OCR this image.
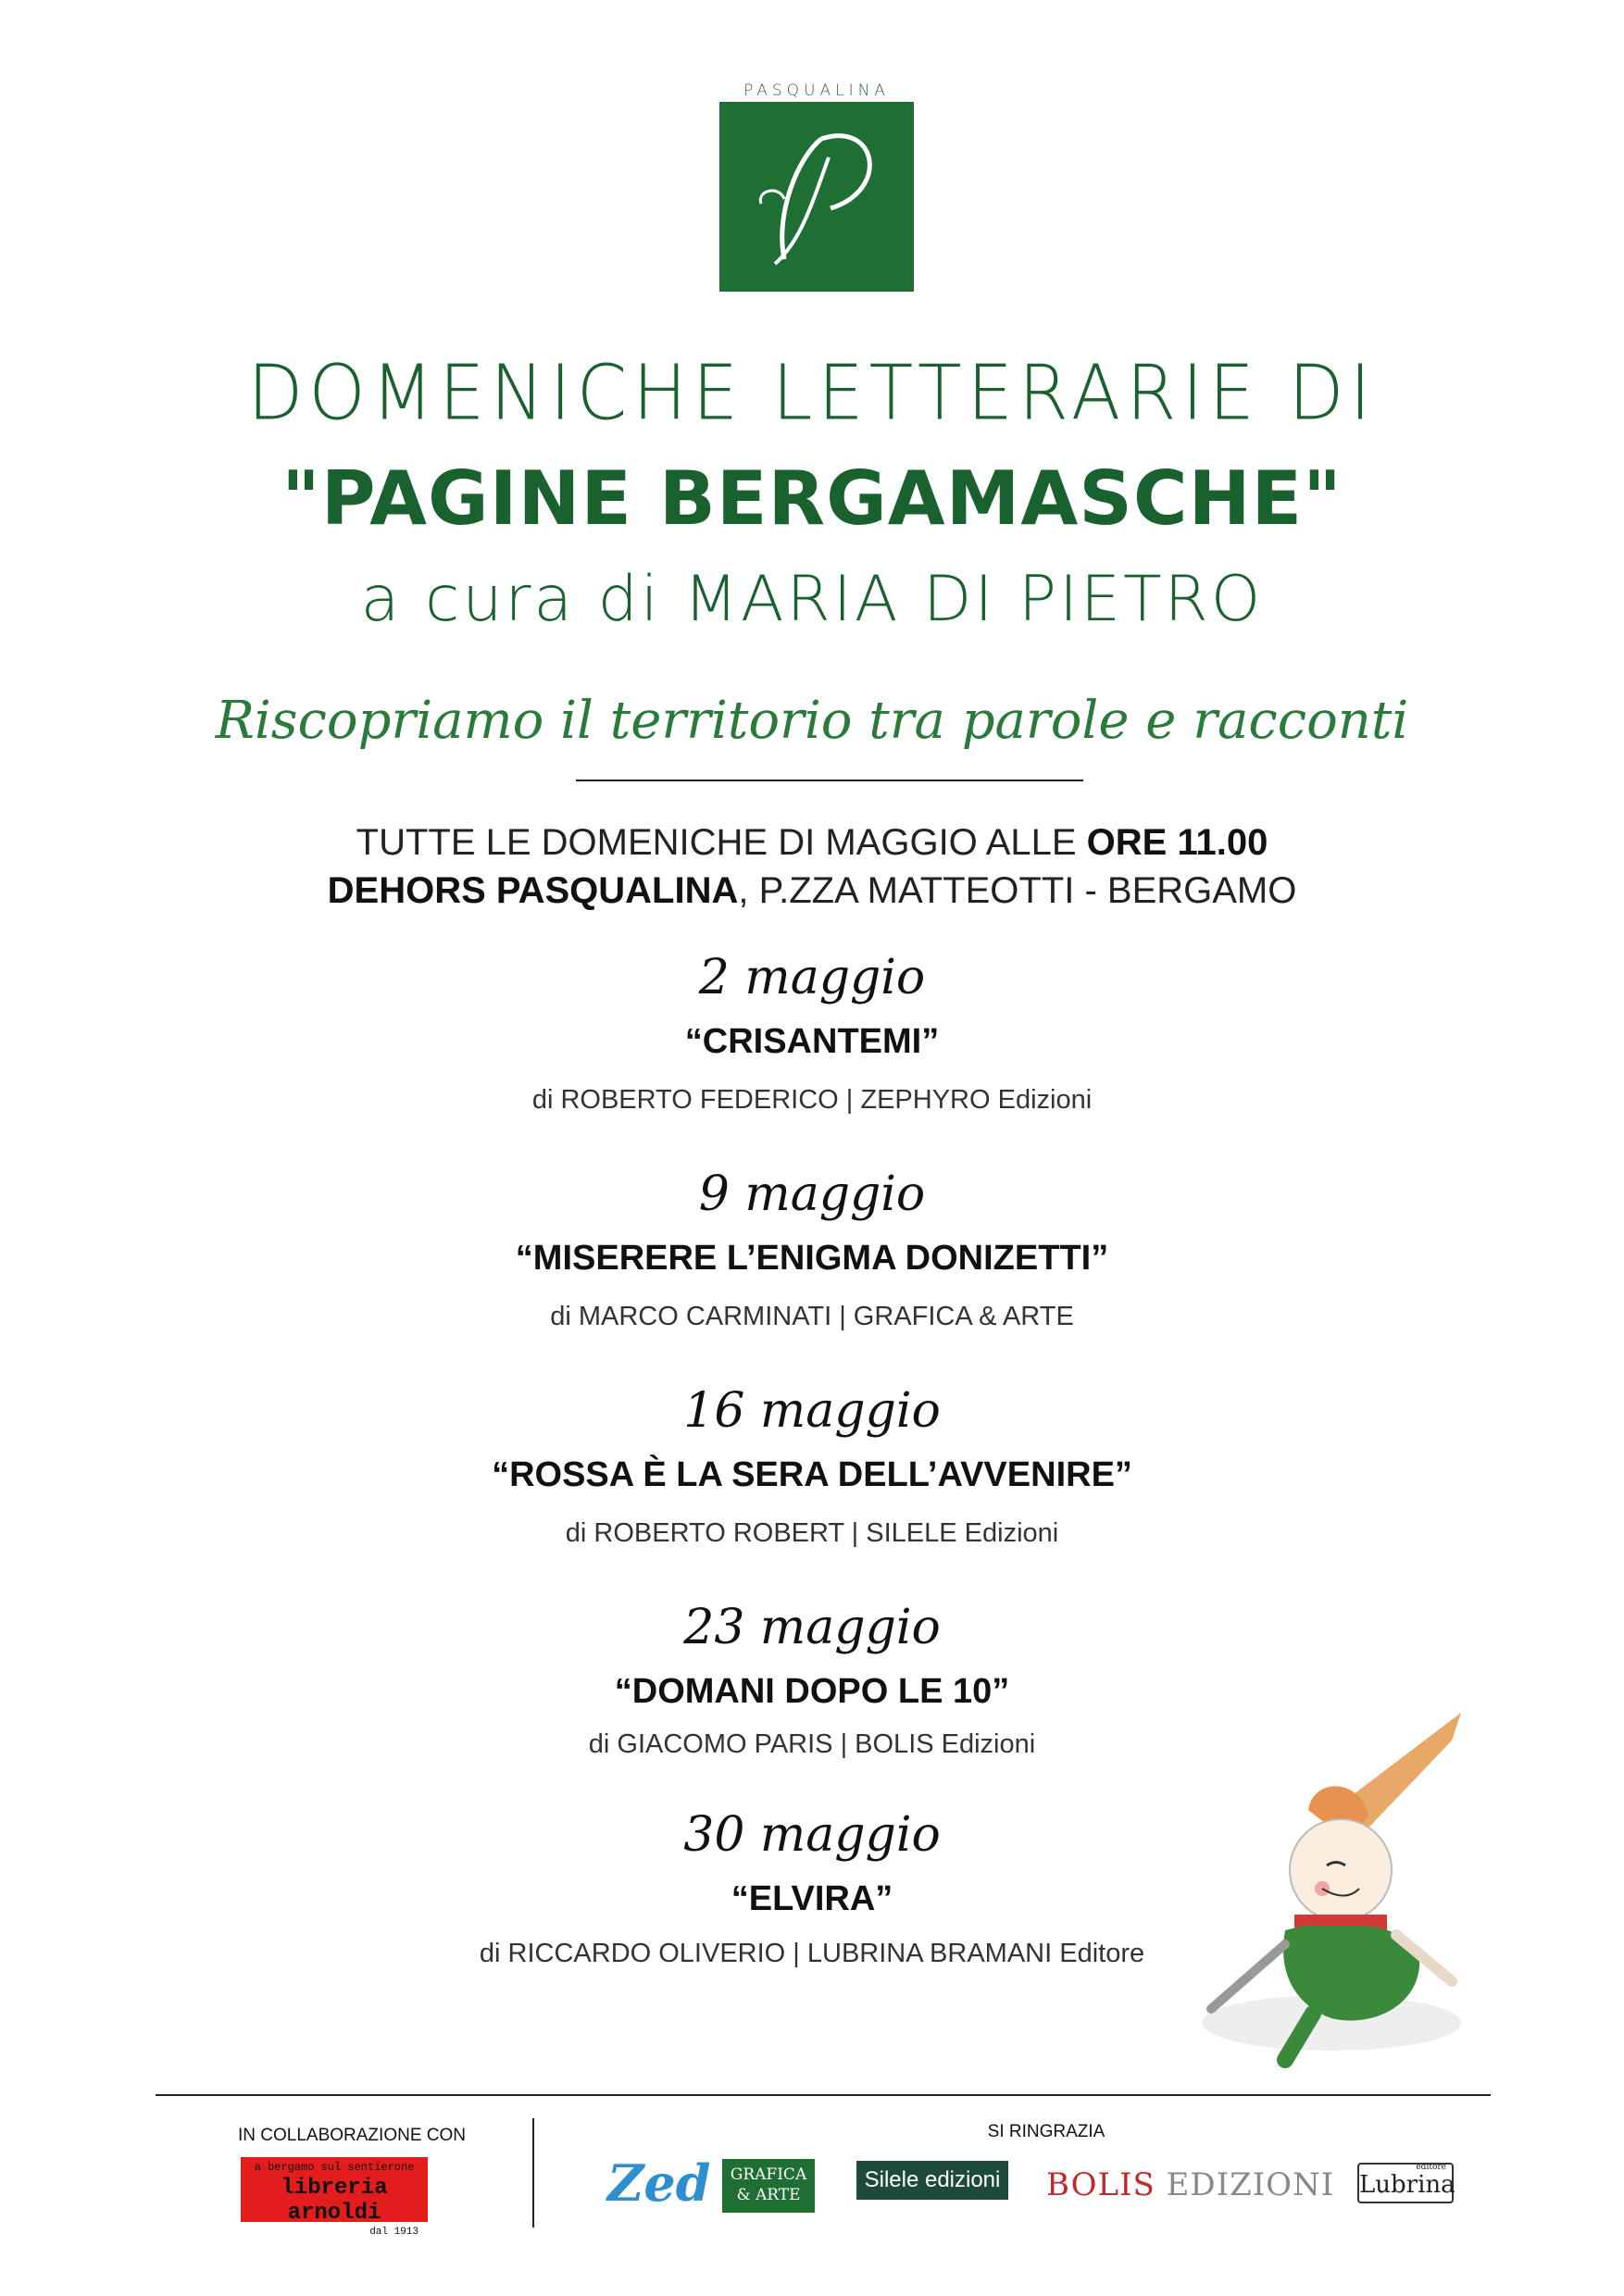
PASQUALINA
DOMENICHE LETTERARIE DI
"PAGINE BERGAMASCHE"
a cura di MARIA DI PIETRO
Riscopriamo il territorio tra parole e racconti
TUTTE LE DOMENICHE DI MAGGIO ALLE ORE 11.00
DEHORS PASQUALINA, P.ZZA MATTEOTTI - BERGAMO
2 maggio
“CRISANTEMI”
di ROBERTO FEDERICO | ZEPHYRO Edizioni
9 maggio
“MISERERE L’ENIGMA DONIZETTI”
di MARCO CARMINATI | GRAFICA & ARTE
16 maggio
“ROSSA È LA SERA DELL’AVVENIRE”
di ROBERTO ROBERT | SILELE Edizioni
23 maggio
“DOMANI DOPO LE 10”
di GIACOMO PARIS | BOLIS Edizioni
30 maggio
“ELVIRA”
di RICCARDO OLIVERIO | LUBRINA BRAMANI Editore
IN COLLABORAZIONE CON
a bergamo sul sentierone
libreria arnoldi
dal 1913
SI RINGRAZIA
Zed	GRAFICA
& ARTE
Silele edizioni BOLIS EDIZIONI	editore
Lubrina
